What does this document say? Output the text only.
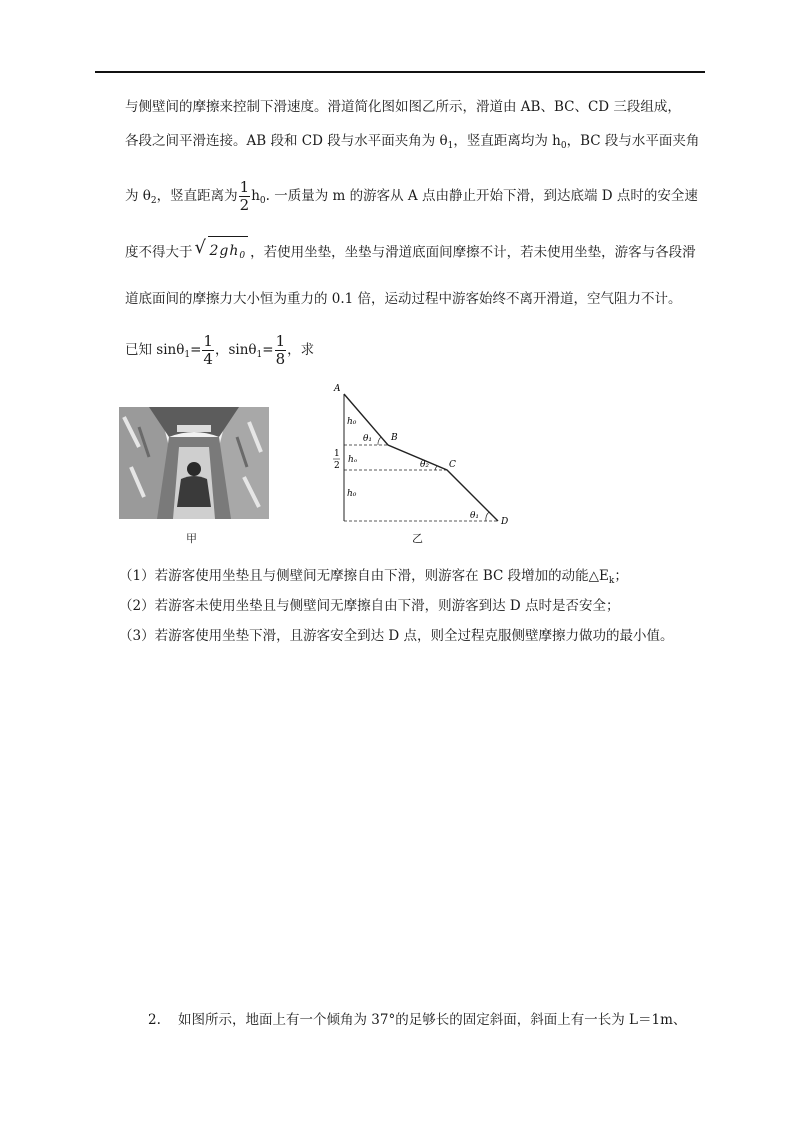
与侧壁间的摩擦来控制下滑速度。滑道简化图如图乙所示，滑道由 AB、BC、CD 三段组成，
各段之间平滑连接。AB 段和 CD 段与水平面夹角为 $\theta_1$，竖直距离均为 $h_0$，BC 段与水平面夹角
为 $\theta_2$，竖直距离为 $\frac{1}{2} h_0$. 一质量为 m 的游客从 A 点由静止开始下滑，到达底端 D 点时的安全速
度不得大于 √ $2gh_0$ ，若使用坐垫，坐垫与滑道底面间摩擦不计，若未使用坐垫，游客与各段滑
道底面间的摩擦力大小恒为重力的 0.1 倍，运动过程中游客始终不离开滑道，空气阻力不计。
已知 $\sin\theta_1= \frac{1}{4}$ ，$\sin\theta_1= \frac{1}{8}$ ，求
甲
A
B
C
D
h₀
hₒ
h₀
1
2
θ₁
θ₂
θ₁
乙
（1）若游客使用坐垫且与侧壁间无摩擦自由下滑，则游客在 BC 段增加的动能$\triangle E_k$；
（2）若游客未使用坐垫且与侧壁间无摩擦自由下滑，则游客到达 D 点时是否安全；
（3）若游客使用坐垫下滑，且游客安全到达 D 点，则全过程克服侧壁摩擦力做功的最小值。
2. 如图所示，地面上有一个倾角为 37°的足够长的固定斜面，斜面上有一长为 L＝1m、
